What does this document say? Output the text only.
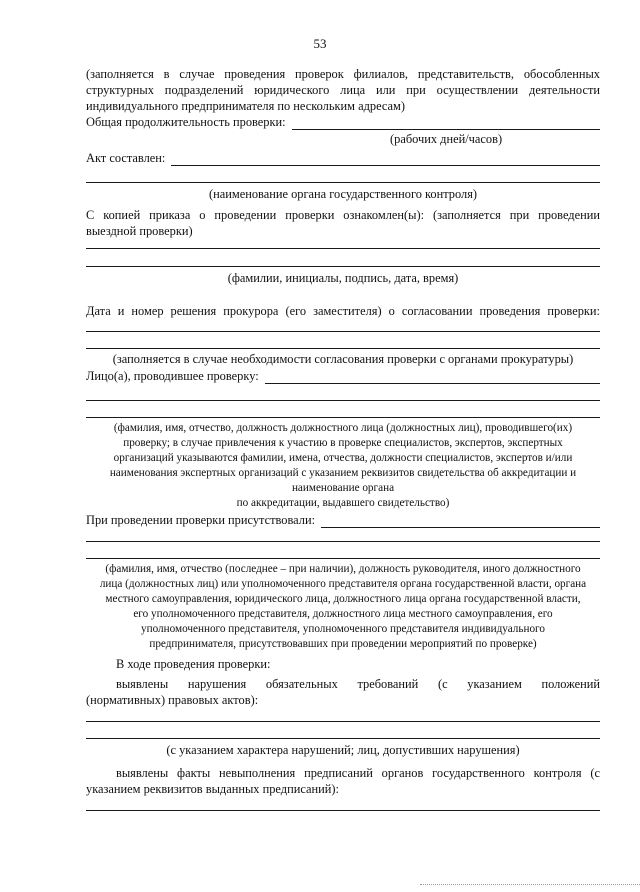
53
(заполняется в случае проведения проверок филиалов, представительств, обособленных
структурных подразделений юридического лица или при осуществлении деятельности
индивидуального предпринимателя по нескольким адресам)
Общая продолжительность проверки:
(рабочих дней/часов)
Акт составлен:
(наименование органа государственного контроля)
С копией приказа о проведении проверки ознакомлен(ы): (заполняется при проведении
выездной проверки)
(фамилии, инициалы, подпись, дата, время)
Дата и номер решения прокурора (его заместителя) о согласовании проведения проверки:
(заполняется в случае необходимости согласования проверки с органами прокуратуры)
Лицо(а), проводившее проверку:
(фамилия, имя, отчество, должность должностного лица (должностных лиц), проводившего(их)
проверку; в случае привлечения к участию в проверке специалистов, экспертов, экспертных
организаций указываются фамилии, имена, отчества, должности специалистов, экспертов и/или
наименования экспертных организаций с указанием реквизитов свидетельства об аккредитации и
наименование органа
по аккредитации, выдавшего свидетельство)
При проведении проверки присутствовали:
(фамилия, имя, отчество (последнее – при наличии), должность руководителя, иного должностного
лица (должностных лиц) или уполномоченного представителя органа государственной власти, органа
местного самоуправления, юридического лица, должностного лица органа государственной власти,
его уполномоченного представителя, должностного лица местного самоуправления, его
уполномоченного представителя, уполномоченного представителя индивидуального
предпринимателя, присутствовавших при проведении мероприятий по проверке)
В ходе проведения проверки:
выявлены нарушения обязательных требований (с указанием положений
(нормативных) правовых актов):
(с указанием характера нарушений; лиц, допустивших нарушения)
выявлены факты невыполнения предписаний органов государственного контроля (с
указанием реквизитов выданных предписаний):
